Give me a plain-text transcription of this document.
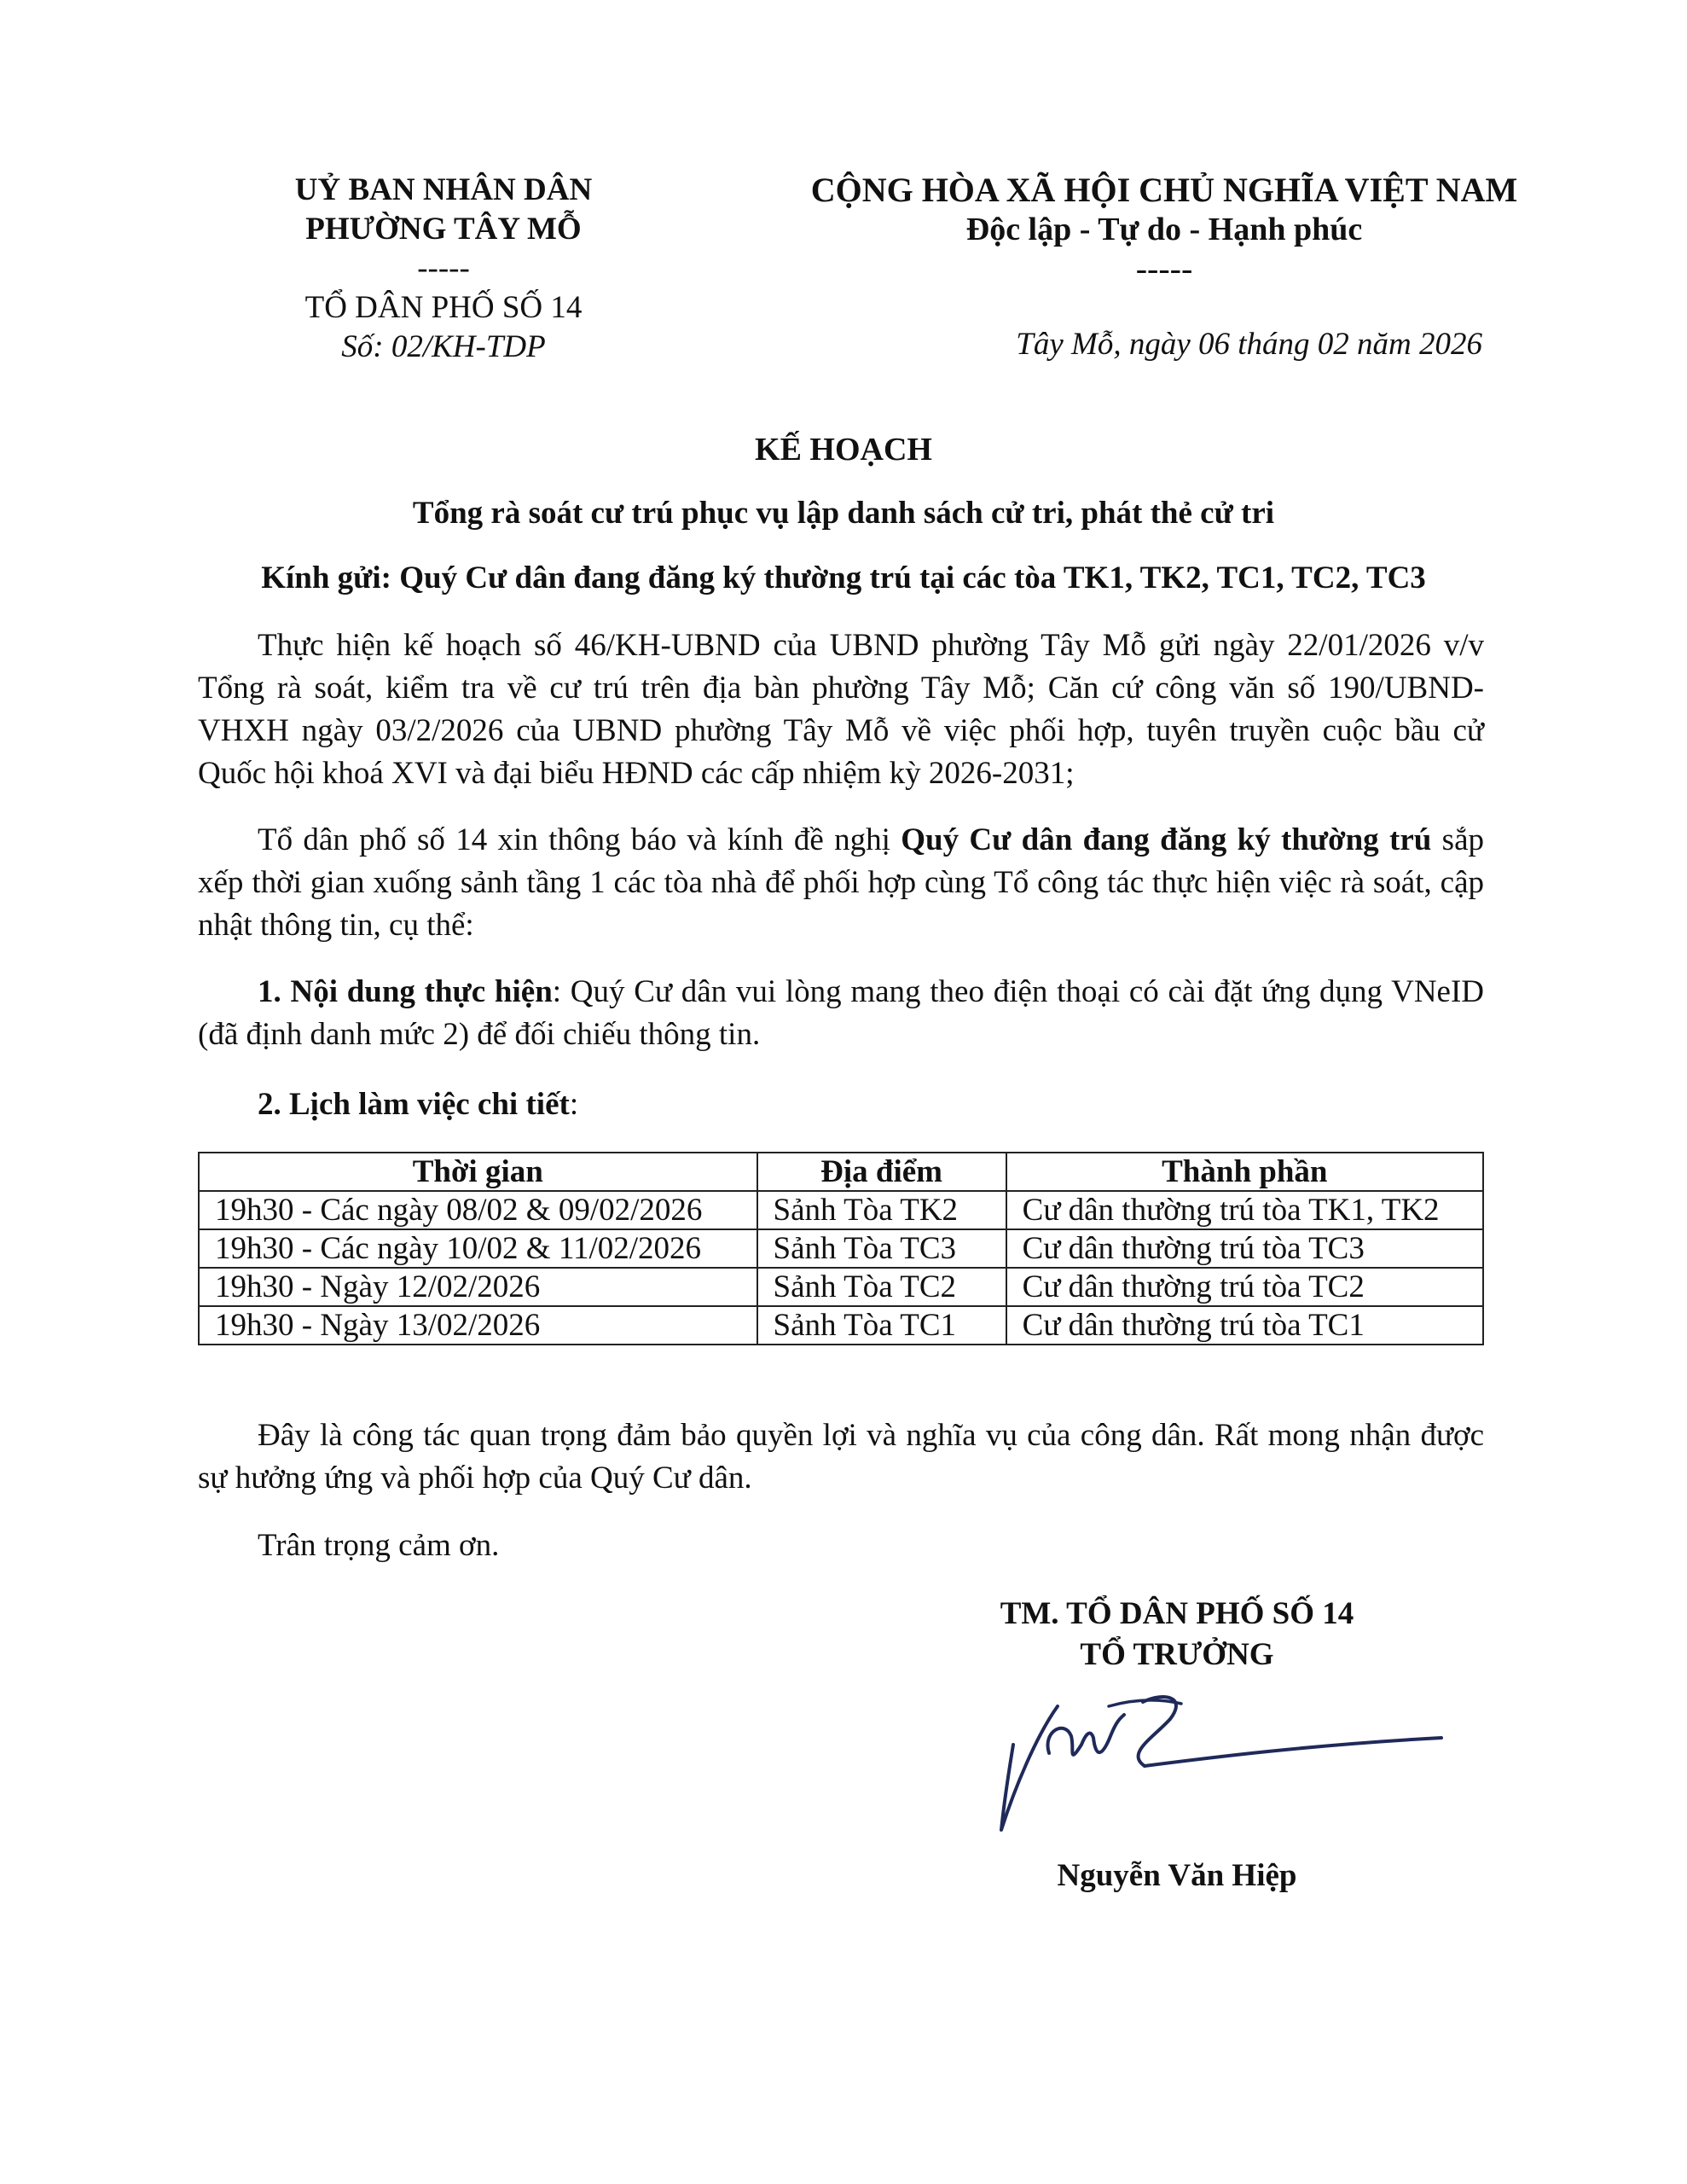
UỶ BAN NHÂN DÂN
PHƯỜNG TÂY MỖ
-----
TỔ DÂN PHỐ SỐ 14
Số: 02/KH-TDP
CỘNG HÒA XÃ HỘI CHỦ NGHĨA VIỆT NAM
Độc lập - Tự do - Hạnh phúc
-----
Tây Mỗ, ngày 06 tháng 02 năm 2026
KẾ HOẠCH
Tổng rà soát cư trú phục vụ lập danh sách cử tri, phát thẻ cử tri
Kính gửi: Quý Cư dân đang đăng ký thường trú tại các tòa TK1, TK2, TC1, TC2, TC3
Thực hiện kế hoạch số 46/KH-UBND của UBND phường Tây Mỗ gửi ngày 22/01/2026 v/v Tổng rà soát, kiểm tra về cư trú trên địa bàn phường Tây Mỗ; Căn cứ công văn số 190/UBND-VHXH ngày 03/2/2026 của UBND phường Tây Mỗ về việc phối hợp, tuyên truyền cuộc bầu cử Quốc hội khoá XVI và đại biểu HĐND các cấp nhiệm kỳ 2026-2031;
Tổ dân phố số 14 xin thông báo và kính đề nghị Quý Cư dân đang đăng ký thường trú sắp xếp thời gian xuống sảnh tầng 1 các tòa nhà để phối hợp cùng Tổ công tác thực hiện việc rà soát, cập nhật thông tin, cụ thể:
1. Nội dung thực hiện: Quý Cư dân vui lòng mang theo điện thoại có cài đặt ứng dụng VNeID (đã định danh mức 2) để đối chiếu thông tin.
2. Lịch làm việc chi tiết:
Thời gian	Địa điểm	Thành phần
19h30 - Các ngày 08/02 & 09/02/2026	Sảnh Tòa TK2	Cư dân thường trú tòa TK1, TK2
19h30 - Các ngày 10/02 & 11/02/2026	Sảnh Tòa TC3	Cư dân thường trú tòa TC3
19h30 - Ngày 12/02/2026	Sảnh Tòa TC2	Cư dân thường trú tòa TC2
19h30 - Ngày 13/02/2026	Sảnh Tòa TC1	Cư dân thường trú tòa TC1
Đây là công tác quan trọng đảm bảo quyền lợi và nghĩa vụ của công dân. Rất mong nhận được sự hưởng ứng và phối hợp của Quý Cư dân.
Trân trọng cảm ơn.
TM. TỔ DÂN PHỐ SỐ 14
TỔ TRƯỞNG
Nguyễn Văn Hiệp
